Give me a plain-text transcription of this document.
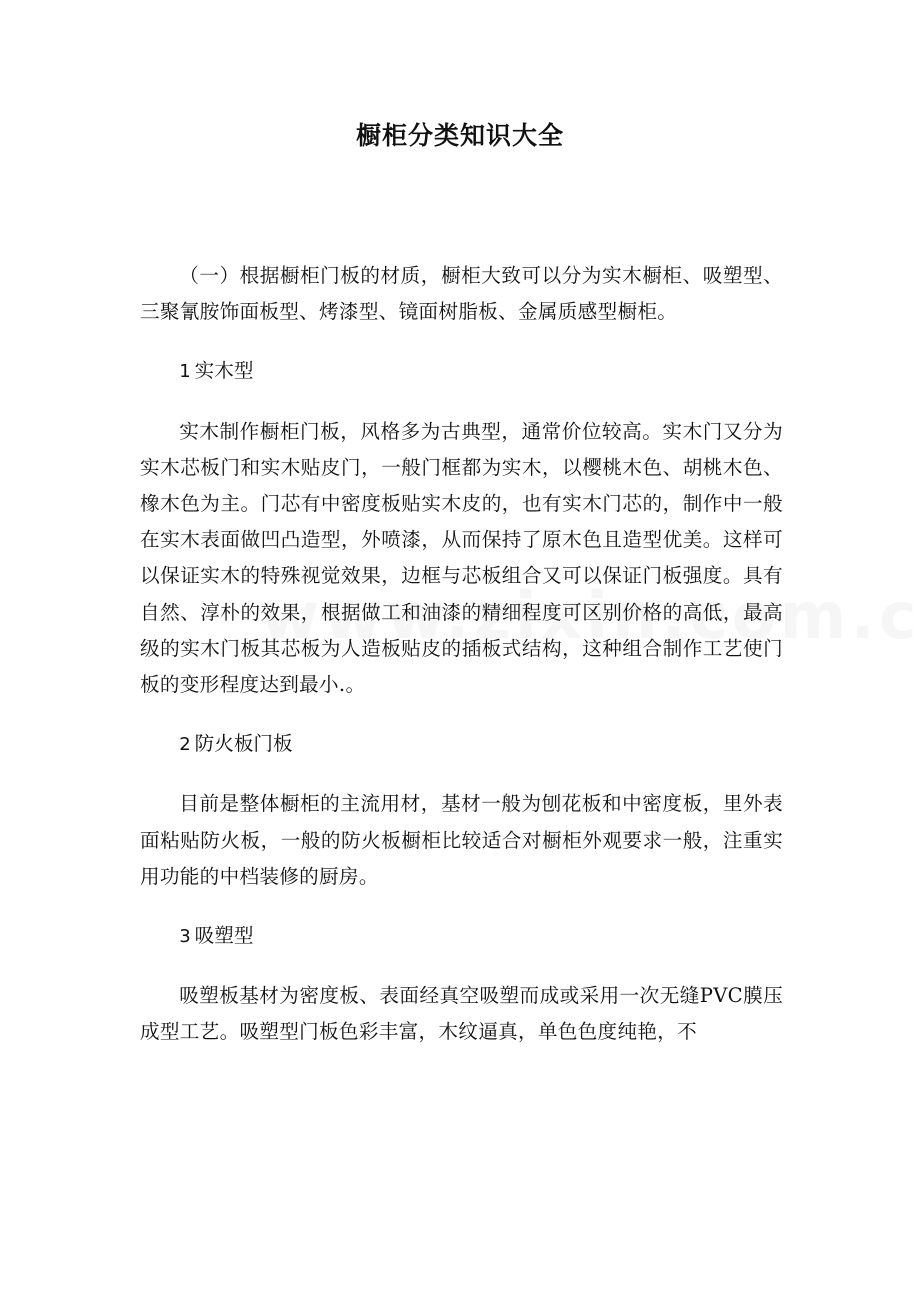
橱柜分类知识大全

（一）根据橱柜门板的材质，橱柜大致可以分为实木橱柜、吸塑型、三聚氰胺饰面板型、烤漆型、镜面树脂板、金属质感型橱柜。

1 实木型

实木制作橱柜门板，风格多为古典型，通常价位较高。实木门又分为实木芯板门和实木贴皮门，一般门框都为实木，以樱桃木色、胡桃木色、橡木色为主。门芯有中密度板贴实木皮的，也有实木门芯的，制作中一般在实木表面做凹凸造型，外喷漆，从而保持了原木色且造型优美。这样可以保证实木的特殊视觉效果，边框与芯板组合又可以保证门板强度。具有自然、淳朴的效果，根据做工和油漆的精细程度可区别价格的高低，最高级的实木门板其芯板为人造板贴皮的插板式结构，这种组合制作工艺使门板的变形程度达到最小.。

2 防火板门板

目前是整体橱柜的主流用材，基材一般为刨花板和中密度板，里外表面粘贴防火板，一般的防火板橱柜比较适合对橱柜外观要求一般，注重实用功能的中档装修的厨房。

3 吸塑型

吸塑板基材为密度板、表面经真空吸塑而成或采用一次无缝PVC膜压成型工艺。吸塑型门板色彩丰富，木纹逼真，单色色度纯艳，不
